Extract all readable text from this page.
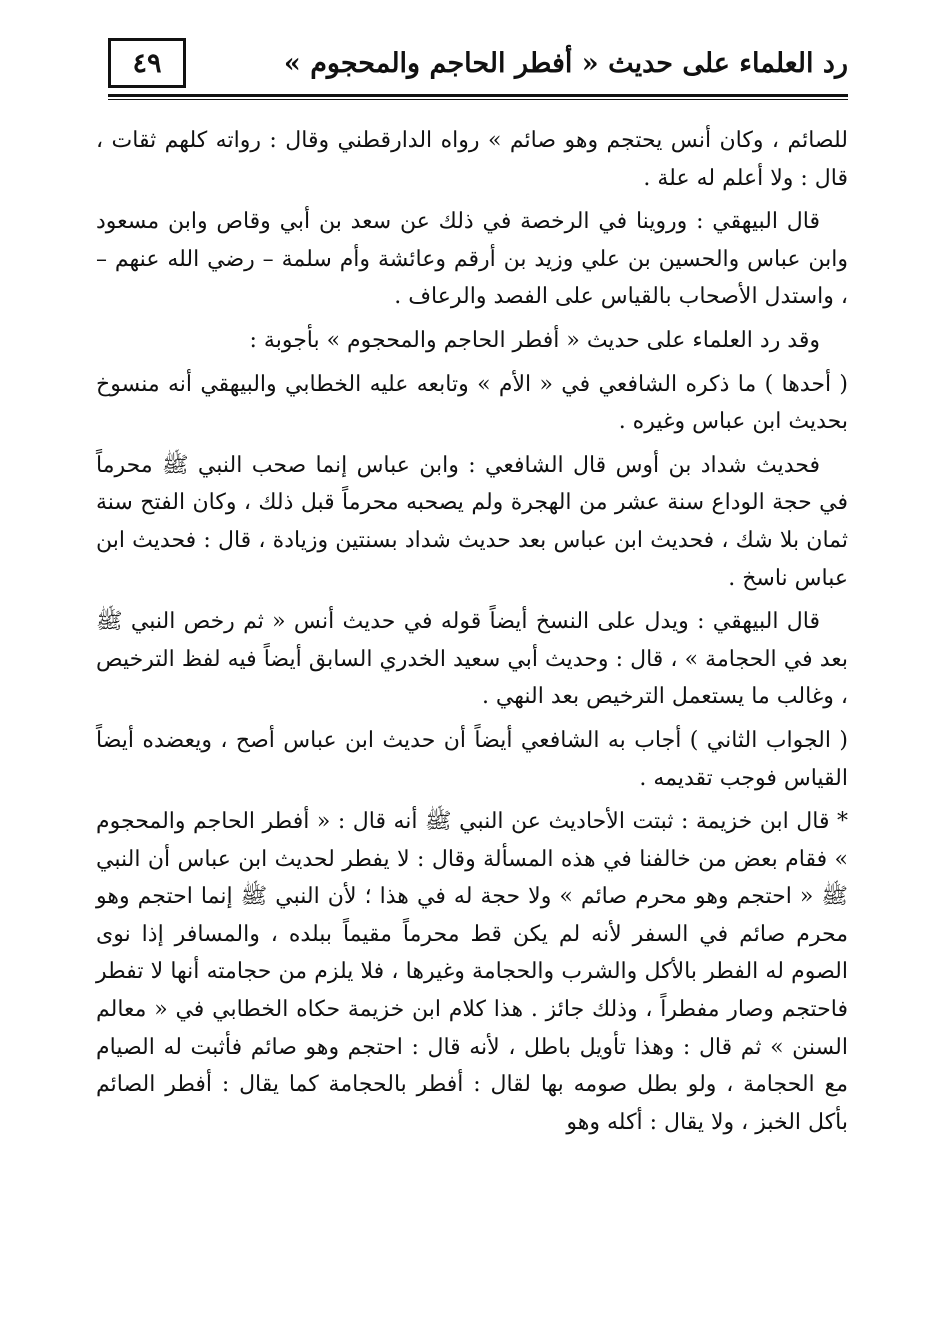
٤٩	رد العلماء على حديث « أفطر الحاجم والمحجوم »

للصائم ، وكان أنس يحتجم وهو صائم » رواه الدارقطني وقال : رواته كلهم ثقات ، قال : ولا أعلم له علة .

قال البيهقي : وروينا في الرخصة في ذلك عن سعد بن أبي وقاص وابن مسعود وابن عباس والحسين بن علي وزيد بن أرقم وعائشة وأم سلمة – رضي الله عنهم – ، واستدل الأصحاب بالقياس على الفصد والرعاف .

وقد رد العلماء على حديث « أفطر الحاجم والمحجوم » بأجوبة :

( أحدها ) ما ذكره الشافعي في « الأم » وتابعه عليه الخطابي والبيهقي أنه منسوخ بحديث ابن عباس وغيره .

فحديث شداد بن أوس قال الشافعي : وابن عباس إنما صحب النبي ﷺ محرماً في حجة الوداع سنة عشر من الهجرة ولم يصحبه محرماً قبل ذلك ، وكان الفتح سنة ثمان بلا شك ، فحديث ابن عباس بعد حديث شداد بسنتين وزيادة ، قال : فحديث ابن عباس ناسخ .

قال البيهقي : ويدل على النسخ أيضاً قوله في حديث أنس « ثم رخص النبي ﷺ بعد في الحجامة » ، قال : وحديث أبي سعيد الخدري السابق أيضاً فيه لفظ الترخيص ، وغالب ما يستعمل الترخيص بعد النهي .

( الجواب الثاني ) أجاب به الشافعي أيضاً أن حديث ابن عباس أصح ، ويعضده أيضاً القياس فوجب تقديمه .

* قال ابن خزيمة : ثبتت الأحاديث عن النبي ﷺ أنه قال : « أفطر الحاجم والمحجوم » فقام بعض من خالفنا في هذه المسألة وقال : لا يفطر لحديث ابن عباس أن النبي ﷺ « احتجم وهو محرم صائم » ولا حجة له في هذا ؛ لأن النبي ﷺ إنما احتجم وهو محرم صائم في السفر لأنه لم يكن قط محرماً مقيماً ببلده ، والمسافر إذا نوى الصوم له الفطر بالأكل والشرب والحجامة وغيرها ، فلا يلزم من حجامته أنها لا تفطر فاحتجم وصار مفطراً ، وذلك جائز . هذا كلام ابن خزيمة حكاه الخطابي في « معالم السنن » ثم قال : وهذا تأويل باطل ، لأنه قال : احتجم وهو صائم فأثبت له الصيام مع الحجامة ، ولو بطل صومه بها لقال : أفطر بالحجامة كما يقال : أفطر الصائم بأكل الخبز ، ولا يقال : أكله وهو
